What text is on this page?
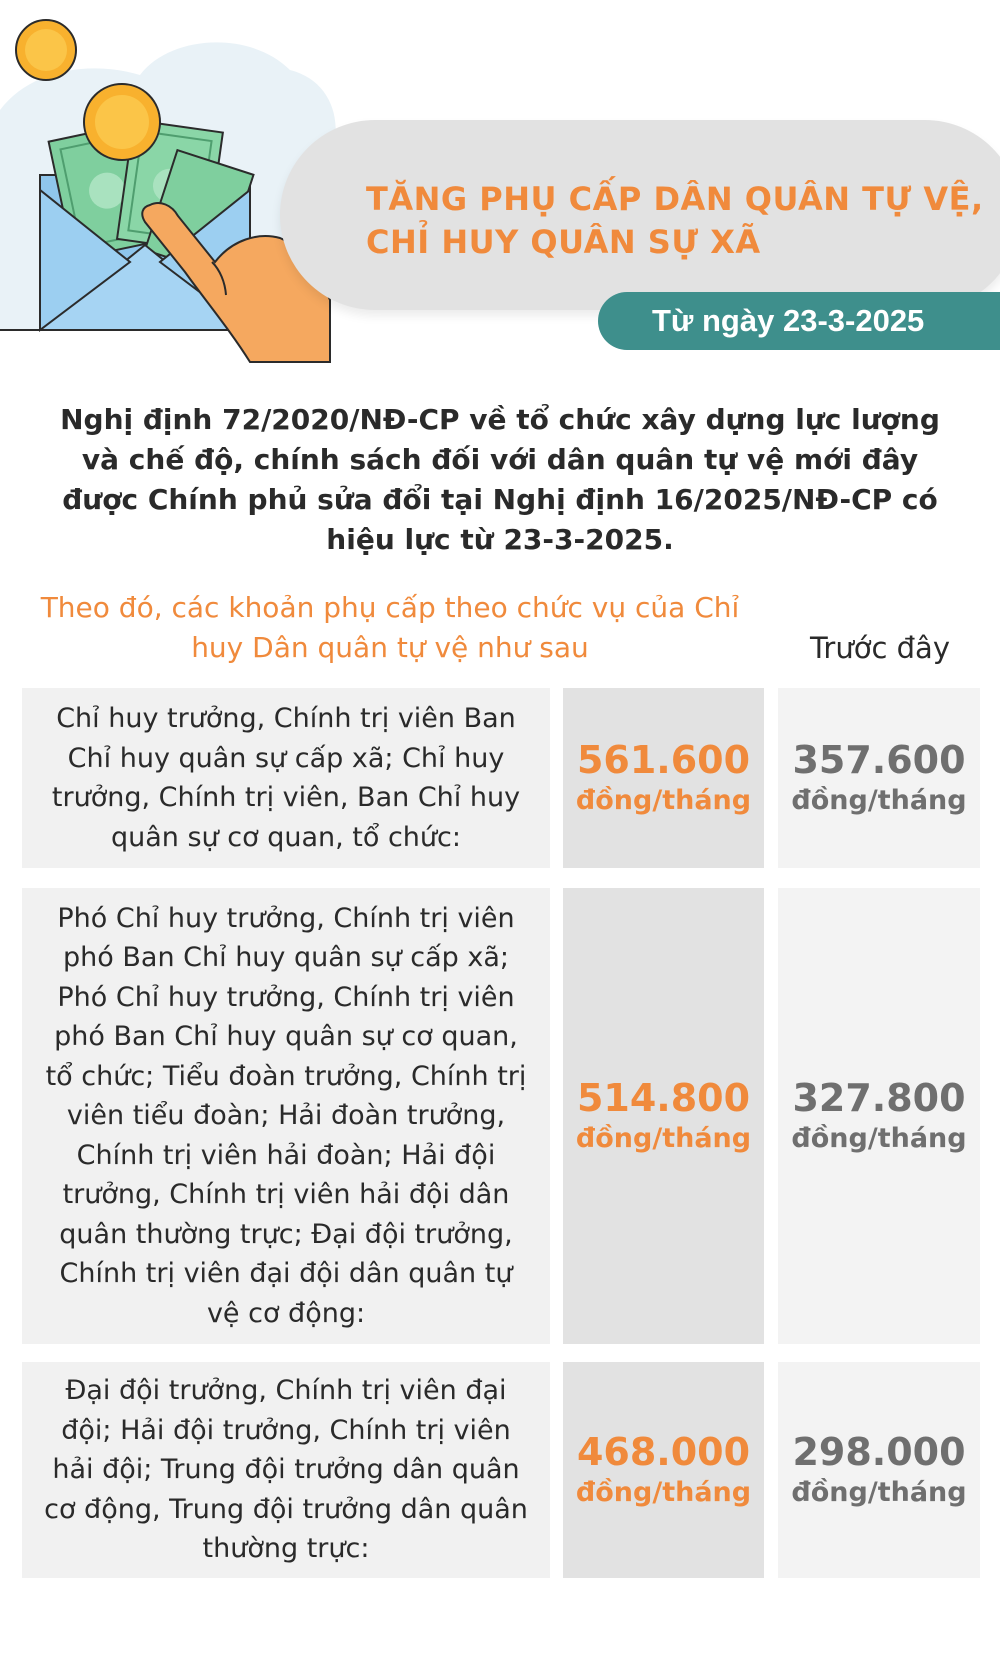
TĂNG PHỤ CẤP DÂN QUÂN TỰ VỆ,
CHỈ HUY QUÂN SỰ XÃ
Từ ngày 23-3-2025
Nghị định 72/2020/NĐ-CP về tổ chức xây dựng lực lượng và chế độ, chính sách đối với dân quân tự vệ mới đây được Chính phủ sửa đổi tại Nghị định 16/2025/NĐ-CP có hiệu lực từ 23-3-2025.
Theo đó, các khoản phụ cấp theo chức vụ của Chỉ huy Dân quân tự vệ như sau	Trước đây
Chỉ huy trưởng, Chính trị viên Ban Chỉ huy quân sự cấp xã; Chỉ huy trưởng, Chính trị viên, Ban Chỉ huy quân sự cơ quan, tổ chức:
561.600
đồng/tháng
357.600
đồng/tháng
Phó Chỉ huy trưởng, Chính trị viên phó Ban Chỉ huy quân sự cấp xã; Phó Chỉ huy trưởng, Chính trị viên phó Ban Chỉ huy quân sự cơ quan, tổ chức; Tiểu đoàn trưởng, Chính trị viên tiểu đoàn; Hải đoàn trưởng, Chính trị viên hải đoàn; Hải đội trưởng, Chính trị viên hải đội dân quân thường trực; Đại đội trưởng, Chính trị viên đại đội dân quân tự vệ cơ động:
514.800
đồng/tháng
327.800
đồng/tháng
Đại đội trưởng, Chính trị viên đại đội; Hải đội trưởng, Chính trị viên hải đội; Trung đội trưởng dân quân cơ động, Trung đội trưởng dân quân thường trực:
468.000
đồng/tháng
298.000
đồng/tháng
